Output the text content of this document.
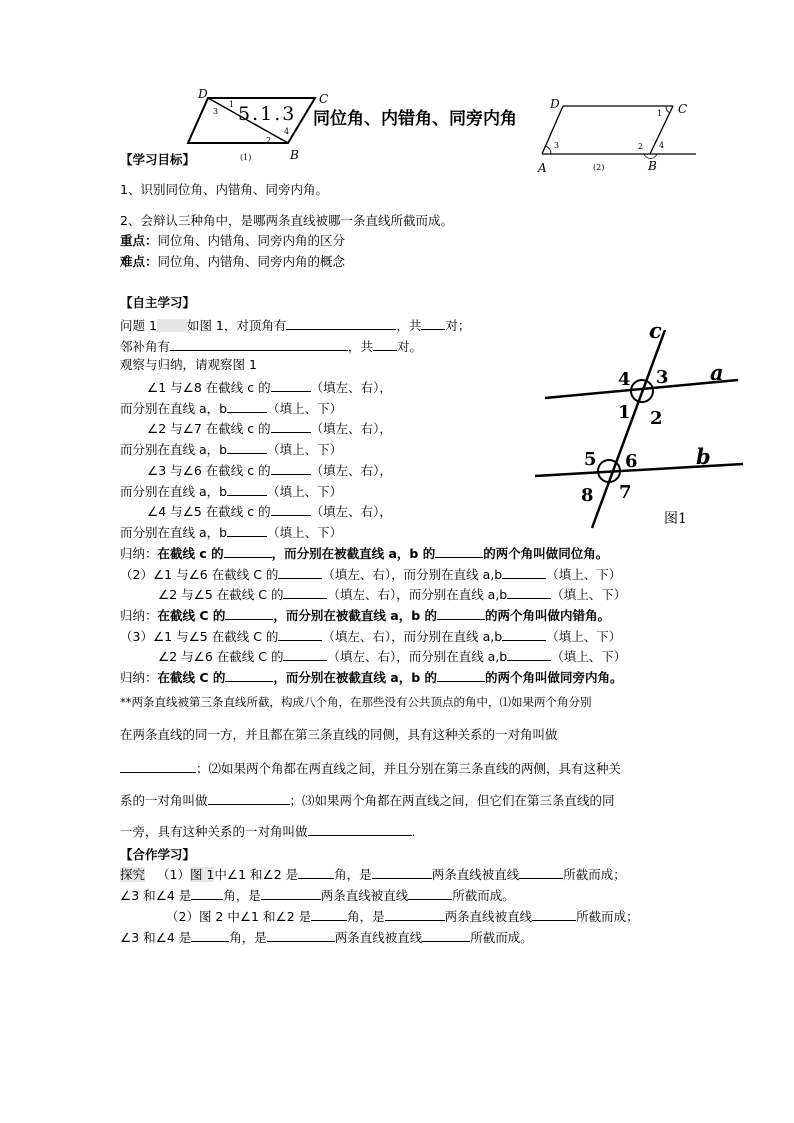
D	C
B
1
2
3
4
(1)
5.1.3 同位角、内错角、同旁内角
D	C
A	B
1
2
3	4
(2)
【学习目标】
1、识别同位角、内错角、同旁内角。
2、会辩认三种角中，是哪两条直线被哪一条直线所截而成。
重点：同位角、内错角、同旁内角的区分
难点：同位角、内错角、同旁内角的概念
【自主学习】
问题 1 如图 1，对顶角有	，共 对；
邻补角有	，共 对。
观察与归纳，请观察图 1
∠1 与∠8 在截线 c 的	（填左、右），
而分别在直线 a，b	（填上、下）
∠2 与∠7 在截线 c 的	（填左、右），
而分别在直线 a，b	（填上、下）
∠3 与∠6 在截线 c 的	（填左、右），
而分别在直线 a，b	（填上、下）
∠4 与∠5 在截线 c 的	（填左、右），
而分别在直线 a，b	（填上、下）
归纳：在截线 c 的	，而分别在被截直线 a，b 的	的两个角叫做同位角。
（2）∠1 与∠6 在截线 C 的	（填左、右），而分别在直线 a,b	（填上、下）
∠2 与∠5 在截线 C 的	（填左、右），而分别在直线 a,b	（填上、下）
归纳：在截线 C 的	，而分别在被截直线 a，b 的	的两个角叫做内错角。
（3）∠1 与∠5 在截线 C 的	（填左、右），而分别在直线 a,b	（填上、下）
∠2 与∠6 在截线 C 的	（填左、右），而分别在直线 a,b	（填上、下）
归纳：在截线 C 的	，而分别在被截直线 a，b 的	的两个角叫做同旁内角。
**两条直线被第三条直线所截，构成八个角，在那些没有公共顶点的角中，⑴如果两个角分别
在两条直线的同一方，并且都在第三条直线的同侧，具有这种关系的一对角叫做
；⑵如果两个角都在两直线之间，并且分别在第三条直线的两侧，具有这种关
系的一对角叫做	；⑶如果两个角都在两直线之间，但它们在第三条直线的同
一旁，具有这种关系的一对角叫做	.
【合作学习】
探究 （1）图 1中∠1 和∠2 是	角，是	两条直线被直线	所截而成；
∠3 和∠4 是	角，是	两条直线被直线	所截而成。
（2）图 2 中∠1 和∠2 是	角，是	两条直线被直线	所截而成；
∠3 和∠4 是	角，是	两条直线被直线	所截而成。
c
a
b
4 3
1 2
5 6
8 7
图1
